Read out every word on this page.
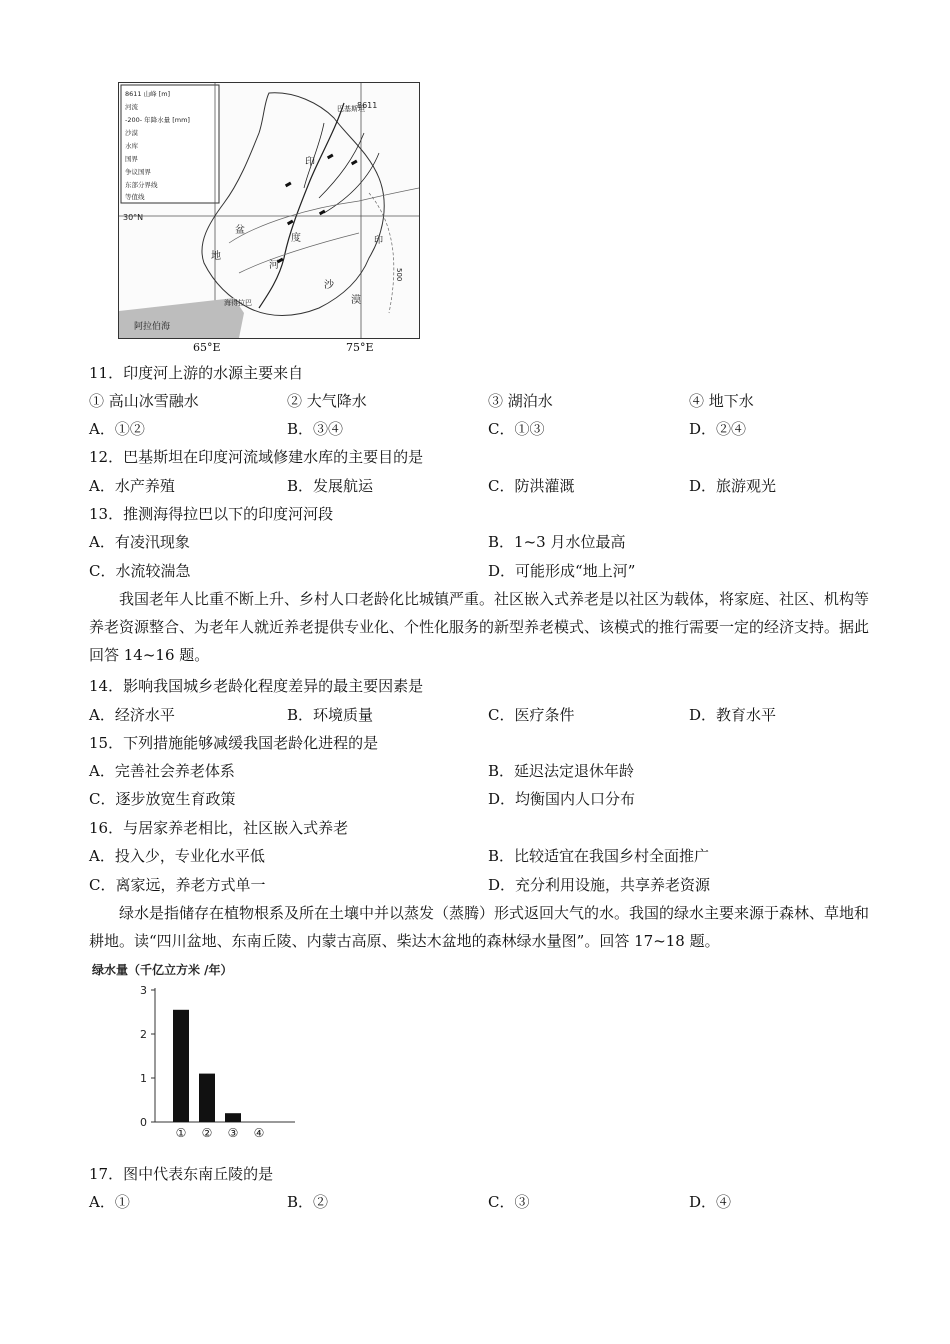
8611 山峰 [m]
河流
-200- 年降水量 [mm]
沙漠
水库
国界
争议国界
东部分界线
等值线
8611
巴基斯坦
30°N
阿拉伯海
海得拉巴
印
度
河
盆
地
沙
漠
印
500
65°E	75°E
11．印度河上游的水源主要来自
① 高山冰雪融水	② 大气降水	③ 湖泊水	④ 地下水
A．①②	B．③④	C．①③	D．②④
12．巴基斯坦在印度河流域修建水库的主要目的是
A．水产养殖	B．发展航运	C．防洪灌溉	D．旅游观光
13．推测海得拉巴以下的印度河河段
A．有凌汛现象	B．1~3 月水位最高
C．水流较湍急	D．可能形成“地上河”
我国老年人比重不断上升、乡村人口老龄化比城镇严重。社区嵌入式养老是以社区为载体，将家庭、社区、机构等养老资源整合、为老年人就近养老提供专业化、个性化服务的新型养老模式、该模式的推行需要一定的经济支持。据此回答 14~16 题。
14．影响我国城乡老龄化程度差异的最主要因素是
A．经济水平	B．环境质量	C．医疗条件	D．教育水平
15．下列措施能够减缓我国老龄化进程的是
A．完善社会养老体系	B．延迟法定退休年龄
C．逐步放宽生育政策	D．均衡国内人口分布
16．与居家养老相比，社区嵌入式养老
A．投入少，专业化水平低	B．比较适宜在我国乡村全面推广
C．离家远，养老方式单一	D．充分利用设施，共享养老资源
绿水是指储存在植物根系及所在土壤中并以蒸发（蒸腾）形式返回大气的水。我国的绿水主要来源于森林、草地和耕地。读“四川盆地、东南丘陵、内蒙古高原、柴达木盆地的森林绿水量图”。回答 17~18 题。
绿水量（千亿立方米 /年）
0
1
2
3
① ② ③ ④
17．图中代表东南丘陵的是
A．①	B．②	C．③	D．④
